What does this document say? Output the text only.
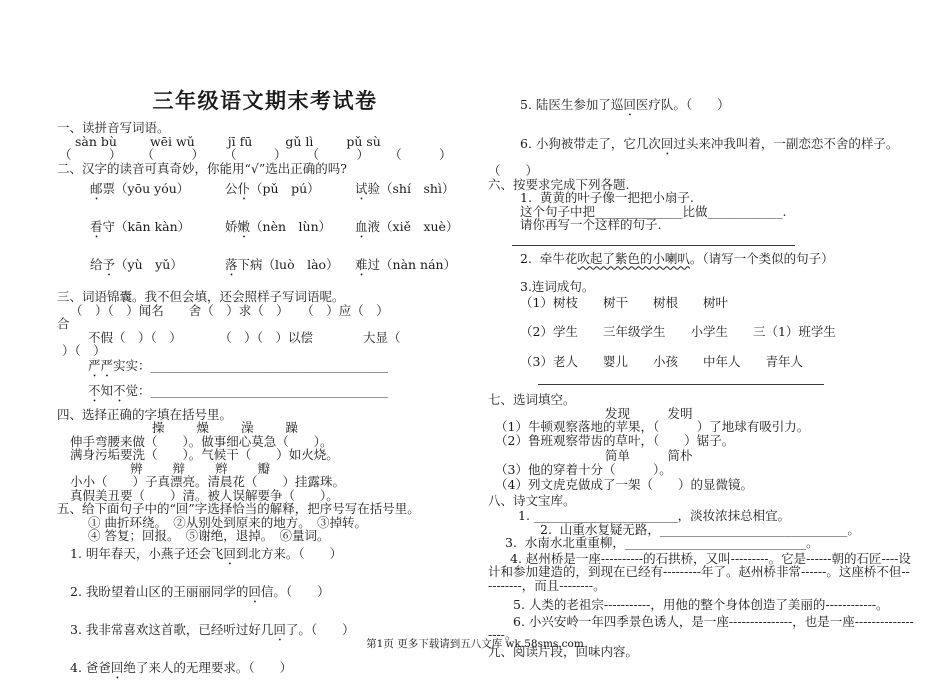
三年级语文期末考试卷
一、读拼音写词语。
sàn bù	wēi wǔ	jī fū	gǔ lì	pǔ sù
（　　　） （　　　） （　　　） （　　　） （　　　）
二、汉字的读音可真奇妙，你能用“√”选出正确的吗?
邮票（yōu yóu）	公仆（pǔ　pú）	试验（shí　shì）
看守（kān kàn）	娇嫩（nèn　lùn）	血液（xiě　xuè）
给予（yù　yǔ）	落下病（luò　lào）	难过（nàn nán）
三、词语锦囊。我不但会填，还会照样子写词语呢。
（　）（　）闻名　　舍（　）求（　）　　（　）应（　）
合
不假（　）（　）　　　　（　）（　）以偿　　　　大显（
）（　）
严严实实：______________________________________
不知不觉：______________________________________
四、选择正确的字填在括号里。
操	燥	澡	躁
伸手弯腰来做（　　）。做事细心莫急（　　）。
满身污垢要洗（　　）。气候干（　　）如火烧。
辨 辩 辫 瓣
小小（　　）子真漂亮。清晨花（　　）挂露珠。
真假美丑要（　　）清。被人误解要争（　　）。
五、给下面句子中的“回”字选择恰当的解释，把序号写在括号里。
① 曲折环绕。　②从别处到原来的地方。　③掉转。
④ 答复；回报。　⑤谢绝，退掉。　⑥量词。
1. 明年春天，小燕子还会飞回到北方来。（　　）
2. 我盼望着山区的王丽丽同学的回信。（　　）
3. 我非常喜欢这首歌，已经听过好几回了。（　　）
4. 爸爸回绝了来人的无理要求。（　　）
5. 陆医生参加了巡回医疗队。（　　）
6. 小狗被带走了，它几次回过头来冲我叫着，一副恋恋不舍的样子。
（　　）
六、按要求完成下列各题.
1.  黄黄的叶子像一把把小扇子.
这个句子中把______________比做____________.
请你再写一个这样的句子.
2.  牵牛花吹起了紫色的小喇叭。（请写一个类似的句子）
3.连词成句。
（1）树枝　　树干　　树根　　树叶
（2）学生　　三年级学生　　小学生　　三（1）班学生
（3）老人　　婴儿　　小孩　　中年人　　青年人
七、选词填空。
发现　　　发明
（1）牛顿观察落地的苹果，（　　　）了地球有吸引力。
（2）鲁班观察带齿的草叶，（　　）锯子。
简单　　　简朴
（3）他的穿着十分（　　　）。
（4）列文虎克做成了一架（　　）的显微镜。
八、诗文宝库。
1. _______________________，淡妆浓抹总相宜。
2.  山重水复疑无路，______________________________。
3.  水南水北重重柳，_____________________________。
4. 赵州桥是一座----------的石拱桥，又叫---------。它是------朝的石匠----设计和参加建造的，到现在已经有---------年了。赵州桥非常------。这座桥不但----------，而且--------。
5. 人类的老祖宗-----------，用他的整个身体创造了美丽的------------。
6. 小兴安岭一年四季景色诱人，是一座---------------，也是一座------------------。
九、阅读片段，回味内容。
第1页 更多下载请到五八文库 wk.58sms.com
